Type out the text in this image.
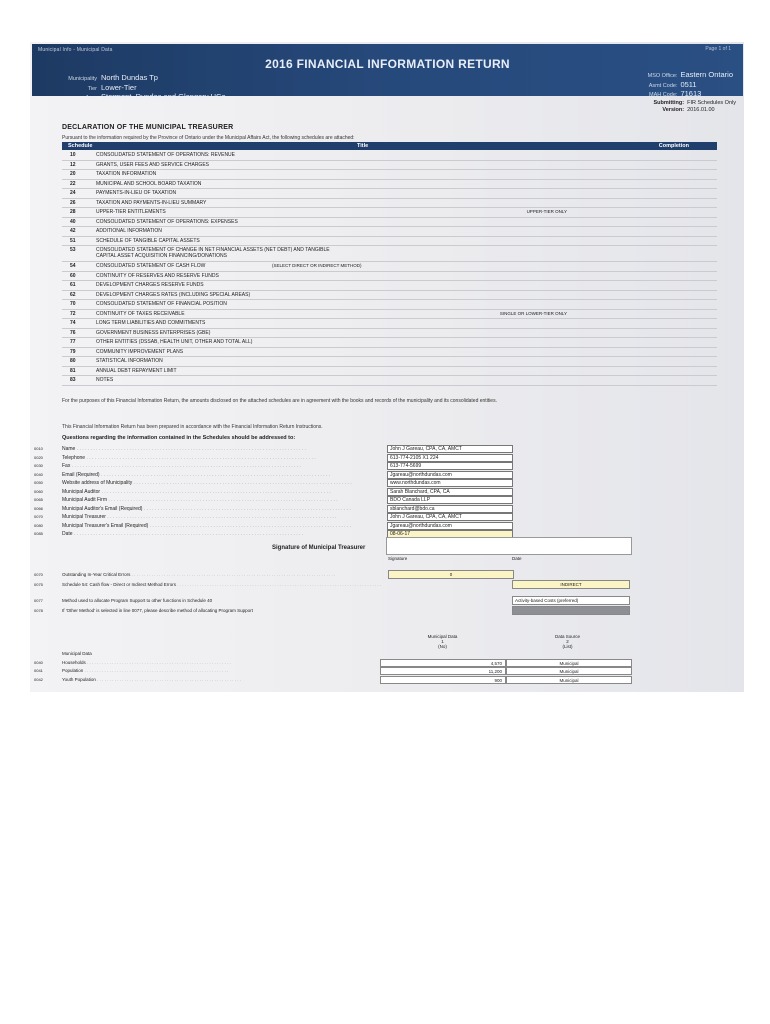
Municipal Info - Municipal Data	Page 1 of 1
2016 FINANCIAL INFORMATION RETURN
Municipality North Dundas Tp
Tier Lower-Tier
Area Stormont, Dundas and Glengary UCo
MSO Office: Eastern Ontario
Asmt Code: 0511
MAH Code: 71613
Submitting: FIR Schedules Only
Version: 2016.01.00
DECLARATION OF THE MUNICIPAL TREASURER
Pursuant to the information required by the Province of Ontario under the Municipal Affairs Act, the following schedules are attached:
Schedule	Title	Completion
10	CONSOLIDATED STATEMENT OF OPERATIONS: REVENUE
12	GRANTS, USER FEES AND SERVICE CHARGES
20	TAXATION INFORMATION
22	MUNICIPAL AND SCHOOL BOARD TAXATION
24	PAYMENTS-IN-LIEU OF TAXATION
26	TAXATION AND PAYMENTS-IN-LIEU SUMMARY
28	UPPER-TIER ENTITLEMENTS	UPPER-TIER ONLY
40	CONSOLIDATED STATEMENT OF OPERATIONS: EXPENSES
42	ADDITIONAL INFORMATION
51	SCHEDULE OF TANGIBLE CAPITAL ASSETS
53	CONSOLIDATED STATEMENT OF CHANGE IN NET FINANCIAL ASSETS (NET DEBT) AND TANGIBLE CAPITAL ASSET ACQUISITION FINANCING/DONATIONS
54	CONSOLIDATED STATEMENT OF CASH FLOW	(SELECT DIRECT OR INDIRECT METHOD)
60	CONTINUITY OF RESERVES AND RESERVE FUNDS
61	DEVELOPMENT CHARGES RESERVE FUNDS
62	DEVELOPMENT CHARGES RATES (INCLUDING SPECIAL AREAS)
70	CONSOLIDATED STATEMENT OF FINANCIAL POSITION
72	CONTINUITY OF TAXES RECEIVABLE	SINGLE OR LOWER-TIER ONLY
74	LONG TERM LIABILITIES AND COMMITMENTS
76	GOVERNMENT BUSINESS ENTERPRISES (GBE)
77	OTHER ENTITIES (DSSAB, HEALTH UNIT, OTHER AND TOTAL ALL)
79	COMMUNITY IMPROVEMENT PLANS
80	STATISTICAL INFORMATION
81	ANNUAL DEBT REPAYMENT LIMIT
83	NOTES
For the purposes of this Financial Information Return, the amounts disclosed on the attached schedules are in agreement with the books and records of the municipality and its consolidated entities.
This Financial Information Return has been prepared in accordance with the Financial Information Return Instructions.
Questions regarding the information contained in the Schedules should be addressed to:
0010	Name . . .	John J Gareau, CPA, CA, AMCT
0020	Telephone . . .	613-774-2105 X1 224
0030	Fax . . .	613-774-5699
0040	Email (Required) . . .	Jgareau@northdundas.com
0050	Website address of Municipality . . .	www.northdundas.com
0060	Municipal Auditor . . .	Sarah Blanchard, CPA, CA
0065	Municipal Audit Firm . . .	BDO Canada LLP
0066	Municipal Auditor's Email (Required) . . .	sblanchard@bdo.ca
0070	Municipal Treasurer . . .	John J Gareau, CPA, CA, AMCT
0080	Municipal Treasurer's Email (Required) . . .	Jgareau@northdundas.com
0085	Date . . .	08-06-17
Signature of Municipal Treasurer
Signature	Date
0070	Outstanding In-Year Critical Errors . . .	0
0075	Schedule 54: Cash flow - Direct or Indirect Method Errors . . .	INDIRECT
0077	Method used to allocate Program Support to other functions in Schedule 40	Activity-based Costs (preferred)
0078	If 'Other Method' is selected in line 0077, please describe method of allocating Program Support
Municipal Data
1
(No)
Data Source
2
(List)
Municipal Data
0040	Households . . .	4,570	Municipal
0041	Population . . .	11,200	Municipal
0042	Youth Population . . .	900	Municipal
